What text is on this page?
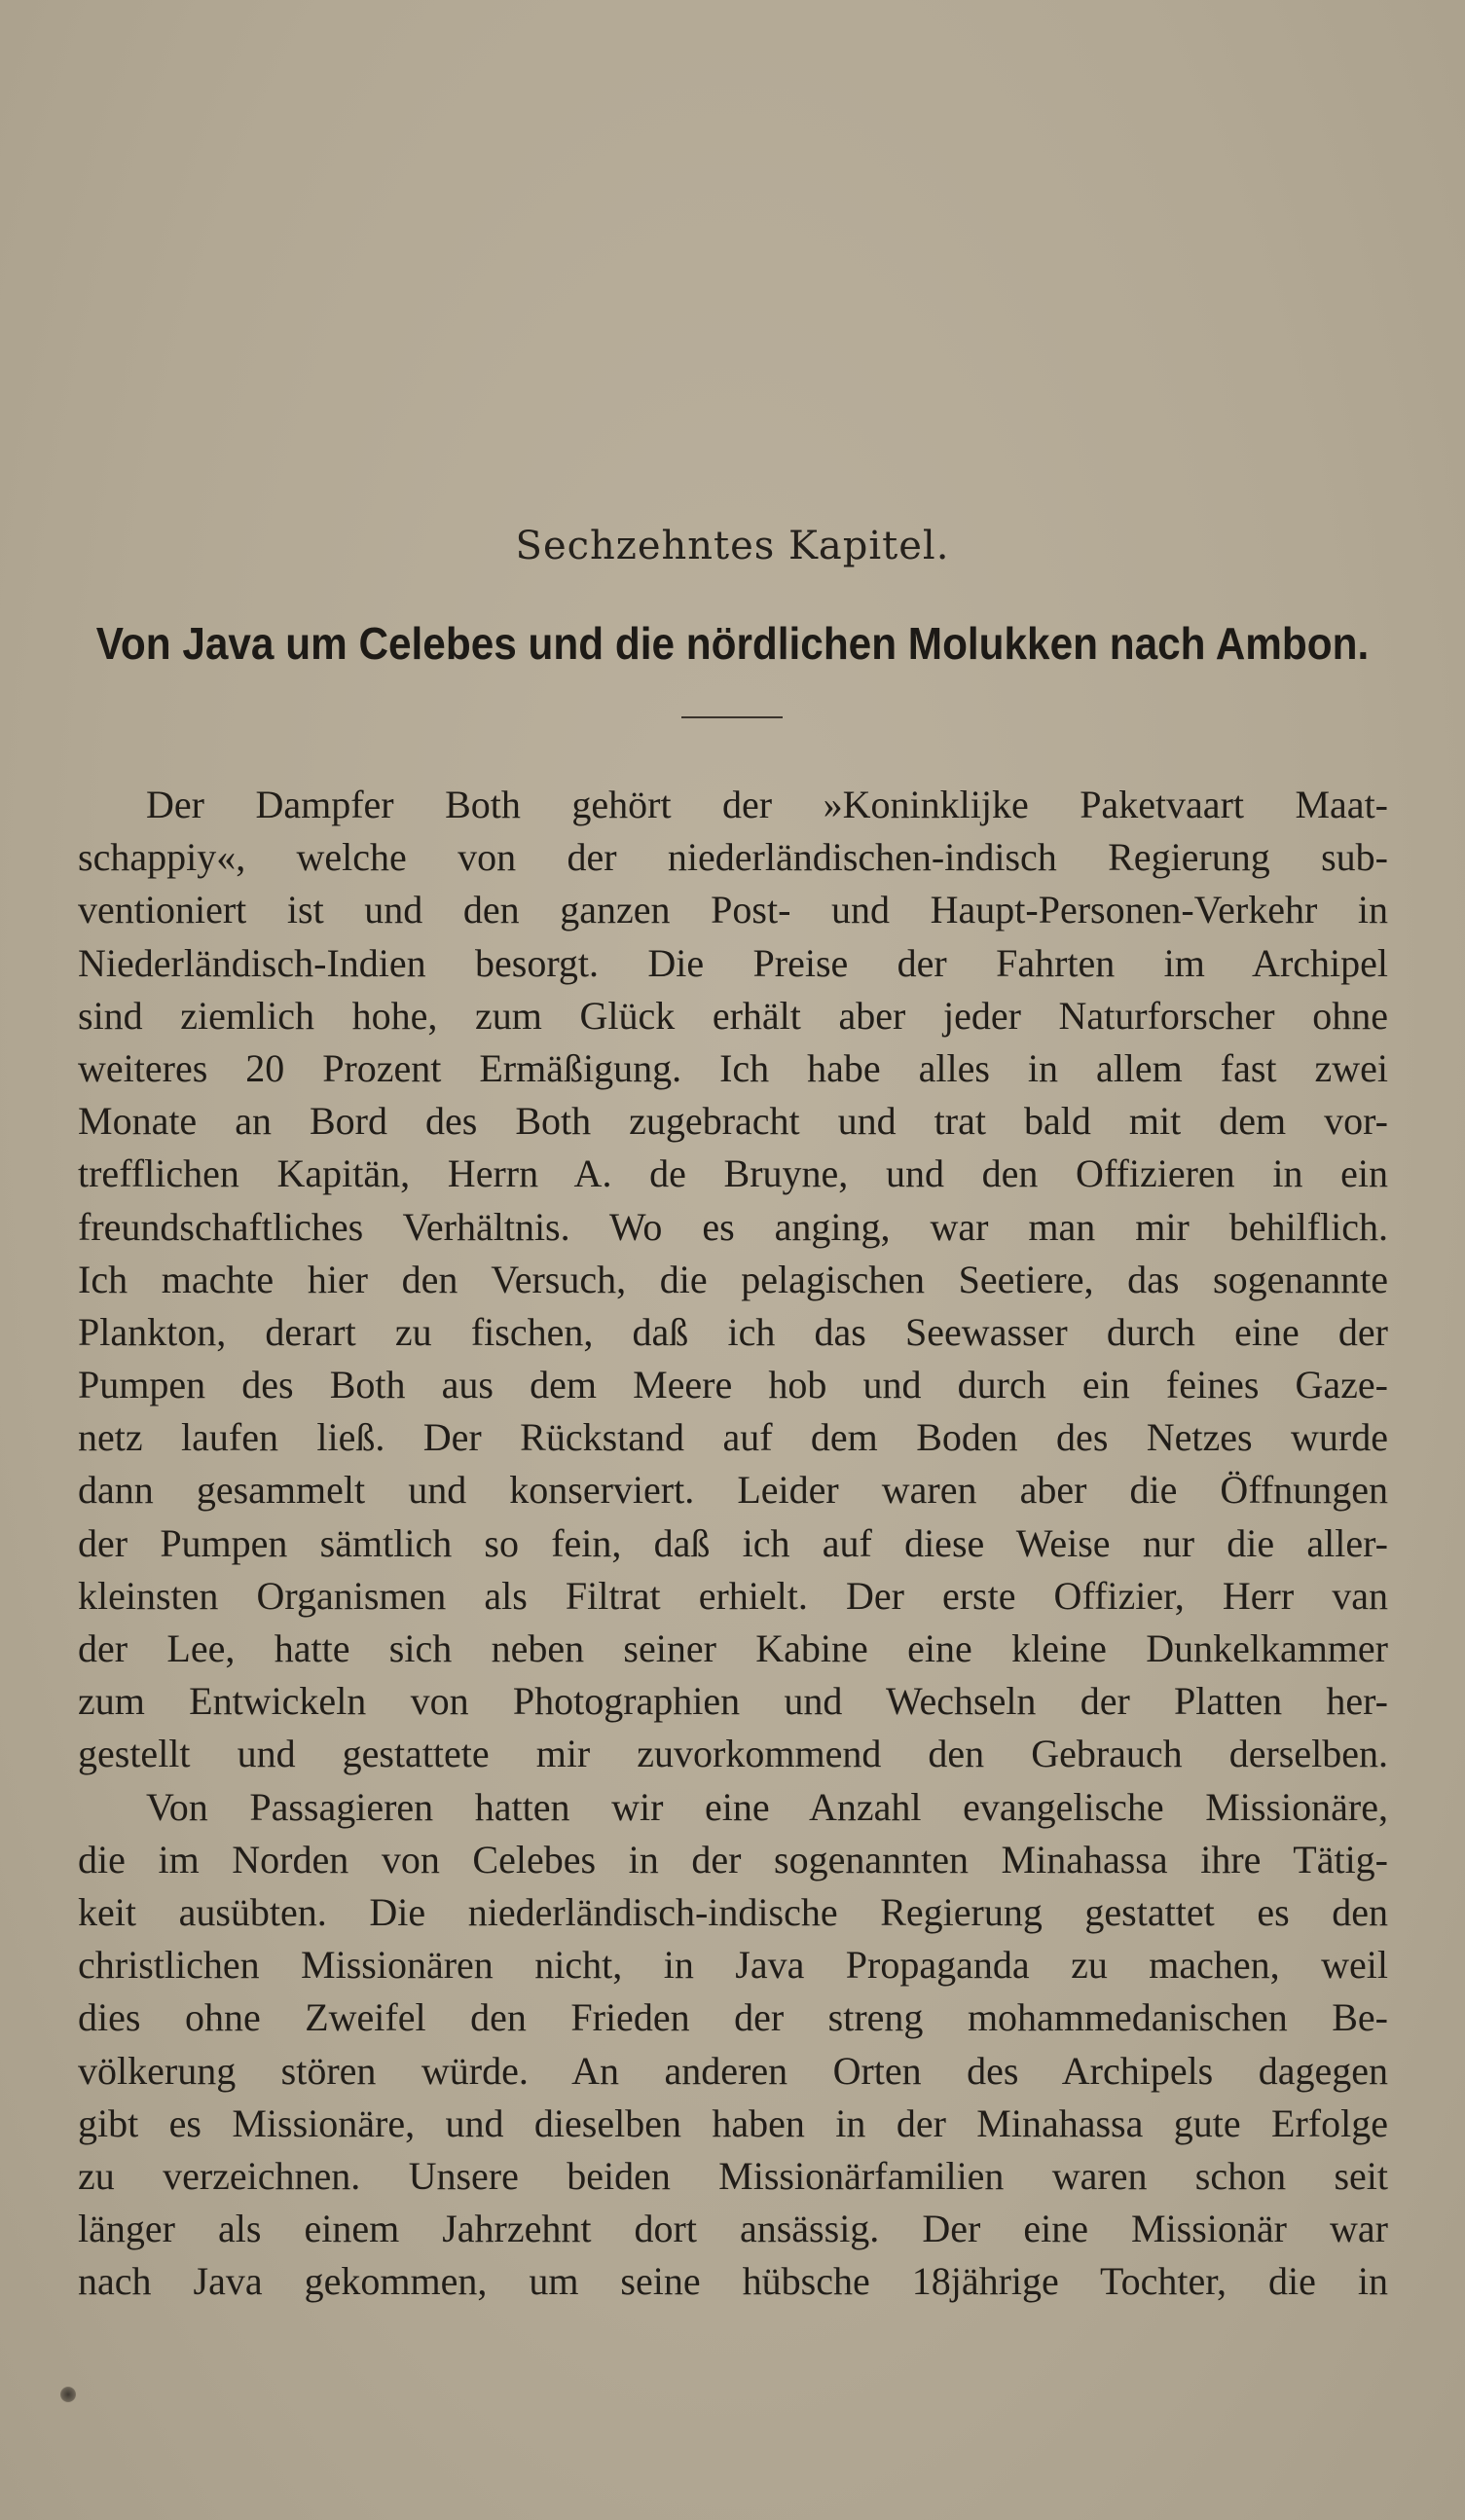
Sechzehntes Kapitel.
Von Java um Celebes und die nördlichen Molukken nach Ambon.
Der Dampfer Both gehört der »Koninklijke Paketvaart Maat-
schappiy«, welche von der niederländischen-indisch Regierung sub-
ventioniert ist und den ganzen Post- und Haupt-Personen-Verkehr in
Niederländisch-Indien besorgt. Die Preise der Fahrten im Archipel
sind ziemlich hohe, zum Glück erhält aber jeder Naturforscher ohne
weiteres 20 Prozent Ermäßigung. Ich habe alles in allem fast zwei
Monate an Bord des Both zugebracht und trat bald mit dem vor-
trefflichen Kapitän, Herrn A. de Bruyne, und den Offizieren in ein
freundschaftliches Verhältnis. Wo es anging, war man mir behilflich.
Ich machte hier den Versuch, die pelagischen Seetiere, das sogenannte
Plankton, derart zu fischen, daß ich das Seewasser durch eine der
Pumpen des Both aus dem Meere hob und durch ein feines Gaze-
netz laufen ließ. Der Rückstand auf dem Boden des Netzes wurde
dann gesammelt und konserviert. Leider waren aber die Öffnungen
der Pumpen sämtlich so fein, daß ich auf diese Weise nur die aller-
kleinsten Organismen als Filtrat erhielt. Der erste Offizier, Herr van
der Lee, hatte sich neben seiner Kabine eine kleine Dunkelkammer
zum Entwickeln von Photographien und Wechseln der Platten her-
gestellt und gestattete mir zuvorkommend den Gebrauch derselben.
Von Passagieren hatten wir eine Anzahl evangelische Missionäre,
die im Norden von Celebes in der sogenannten Minahassa ihre Tätig-
keit ausübten. Die niederländisch-indische Regierung gestattet es den
christlichen Missionären nicht, in Java Propaganda zu machen, weil
dies ohne Zweifel den Frieden der streng mohammedanischen Be-
völkerung stören würde. An anderen Orten des Archipels dagegen
gibt es Missionäre, und dieselben haben in der Minahassa gute Erfolge
zu verzeichnen. Unsere beiden Missionärfamilien waren schon seit
länger als einem Jahrzehnt dort ansässig. Der eine Missionär war
nach Java gekommen, um seine hübsche 18jährige Tochter, die in
